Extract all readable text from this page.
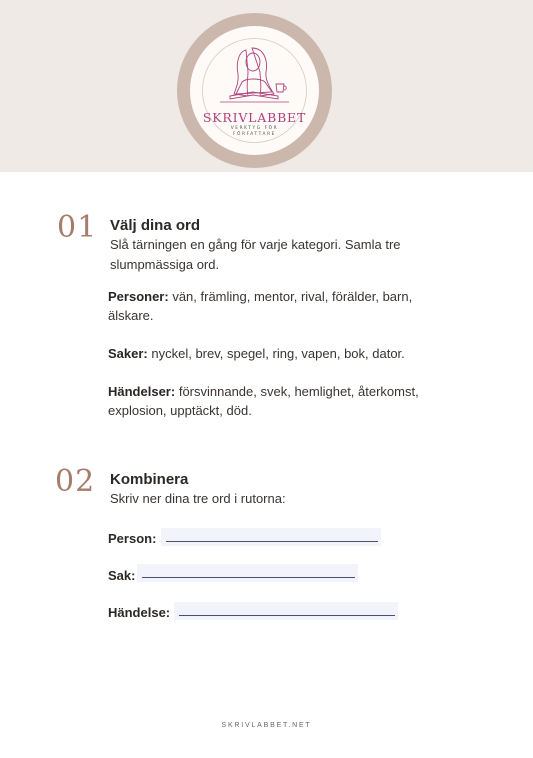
SKRIVLABBET
VERKTYG FÖR
FÖRFATTARE
01 Välj dina ord
Slå tärningen en gång för varje kategori. Samla tre
slumpmässiga ord.
Personer: vän, främling, mentor, rival, förälder, barn, älskare.
Saker: nyckel, brev, spegel, ring, vapen, bok, dator.
Händelser: försvinnande, svek, hemlighet, återkomst, explosion, upptäckt, död.
02 Kombinera
Skriv ner dina tre ord i rutorna:
Person:
Sak:
Händelse:
SKRIVLABBET.NET
